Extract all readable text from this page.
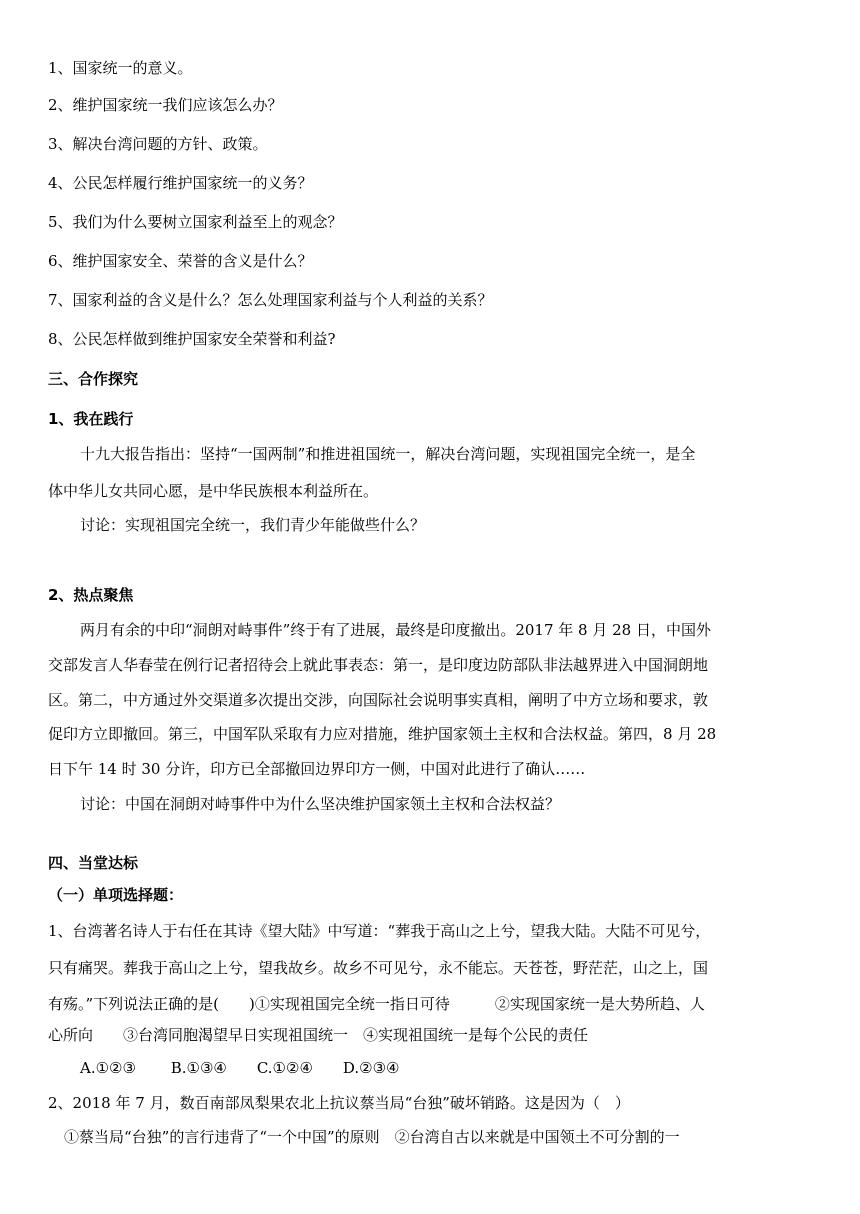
1、国家统一的意义。
2、维护国家统一我们应该怎么办？
3、解决台湾问题的方针、政策。
4、公民怎样履行维护国家统一的义务？
5、我们为什么要树立国家利益至上的观念？
6、维护国家安全、荣誉的含义是什么？
7、国家利益的含义是什么？怎么处理国家利益与个人利益的关系？
8、公民怎样做到维护国家安全荣誉和利益?
三、合作探究
1、我在践行
十九大报告指出：坚持“一国两制”和推进祖国统一，解决台湾问题，实现祖国完全统一，是全
体中华儿女共同心愿，是中华民族根本利益所在。
讨论：实现祖国完全统一，我们青少年能做些什么？
2、热点聚焦
两月有余的中印“洞朗对峙事件”终于有了进展，最终是印度撤出。2017 年 8 月 28 日，中国外
交部发言人华春莹在例行记者招待会上就此事表态：第一，是印度边防部队非法越界进入中国洞朗地
区。第二，中方通过外交渠道多次提出交涉，向国际社会说明事实真相，阐明了中方立场和要求，敦
促印方立即撤回。第三，中国军队采取有力应对措施，维护国家领土主权和合法权益。第四，8 月 28
日下午 14 时 30 分许，印方已全部撤回边界印方一侧，中国对此进行了确认……
讨论：中国在洞朗对峙事件中为什么坚决维护国家领土主权和合法权益？
四、当堂达标
（一）单项选择题：
1、台湾著名诗人于右任在其诗《望大陆》中写道：“葬我于高山之上兮，望我大陆。大陆不可见兮，
只有痛哭。葬我于高山之上兮，望我故乡。故乡不可见兮，永不能忘。天苍苍，野茫茫，山之上，国
有殇。”下列说法正确的是(　　)①实现祖国完全统一指日可待　　　②实现国家统一是大势所趋、人
心所向　　③台湾同胞渴望早日实现祖国统一　④实现祖国统一是每个公民的责任
A.①②③　　 B.①③④　　C.①②④　　D.②③④
2、2018 年 7 月，数百南部凤梨果农北上抗议蔡当局“台独”破坏销路。这是因为（　）
①蔡当局“台独”的言行违背了“一个中国”的原则　②台湾自古以来就是中国领土不可分割的一
